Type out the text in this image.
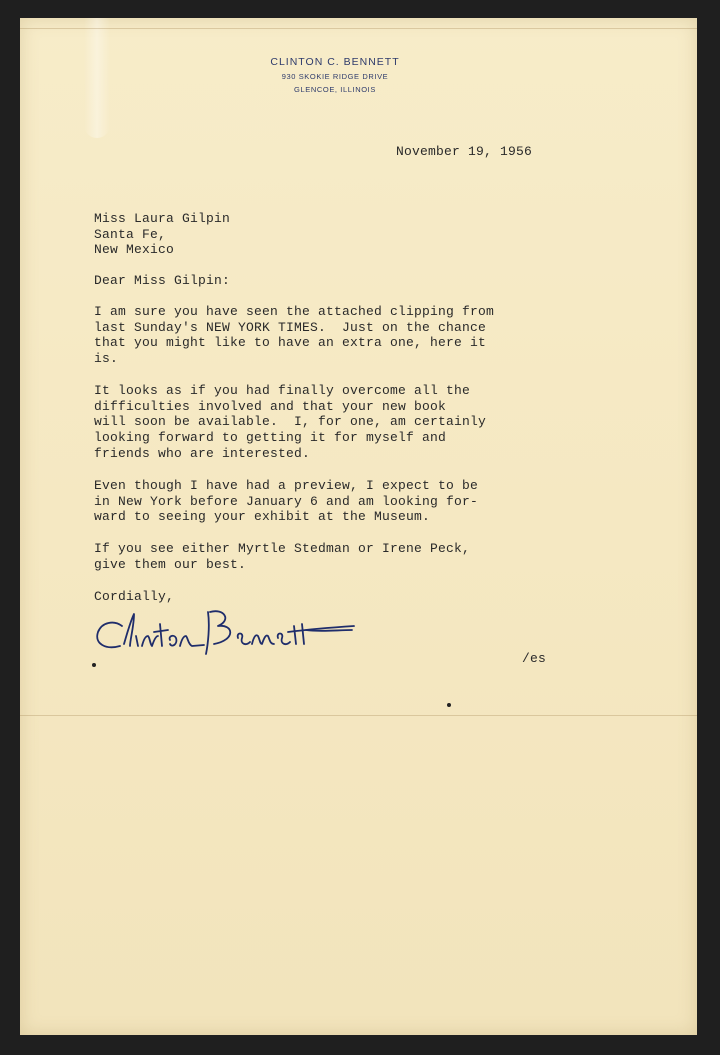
CLINTON C. BENNETT
930 SKOKIE RIDGE DRIVE
GLENCOE, ILLINOIS
November 19, 1956
Miss Laura Gilpin
Santa Fe,
New Mexico
Dear Miss Gilpin:
I am sure you have seen the attached clipping from
last Sunday's NEW YORK TIMES.  Just on the chance
that you might like to have an extra one, here it
is.
It looks as if you had finally overcome all the
difficulties involved and that your new book
will soon be available.  I, for one, am certainly
looking forward to getting it for myself and
friends who are interested.
Even though I have had a preview, I expect to be
in New York before January 6 and am looking for-
ward to seeing your exhibit at the Museum.
If you see either Myrtle Stedman or Irene Peck,
give them our best.
Cordially,
/es
